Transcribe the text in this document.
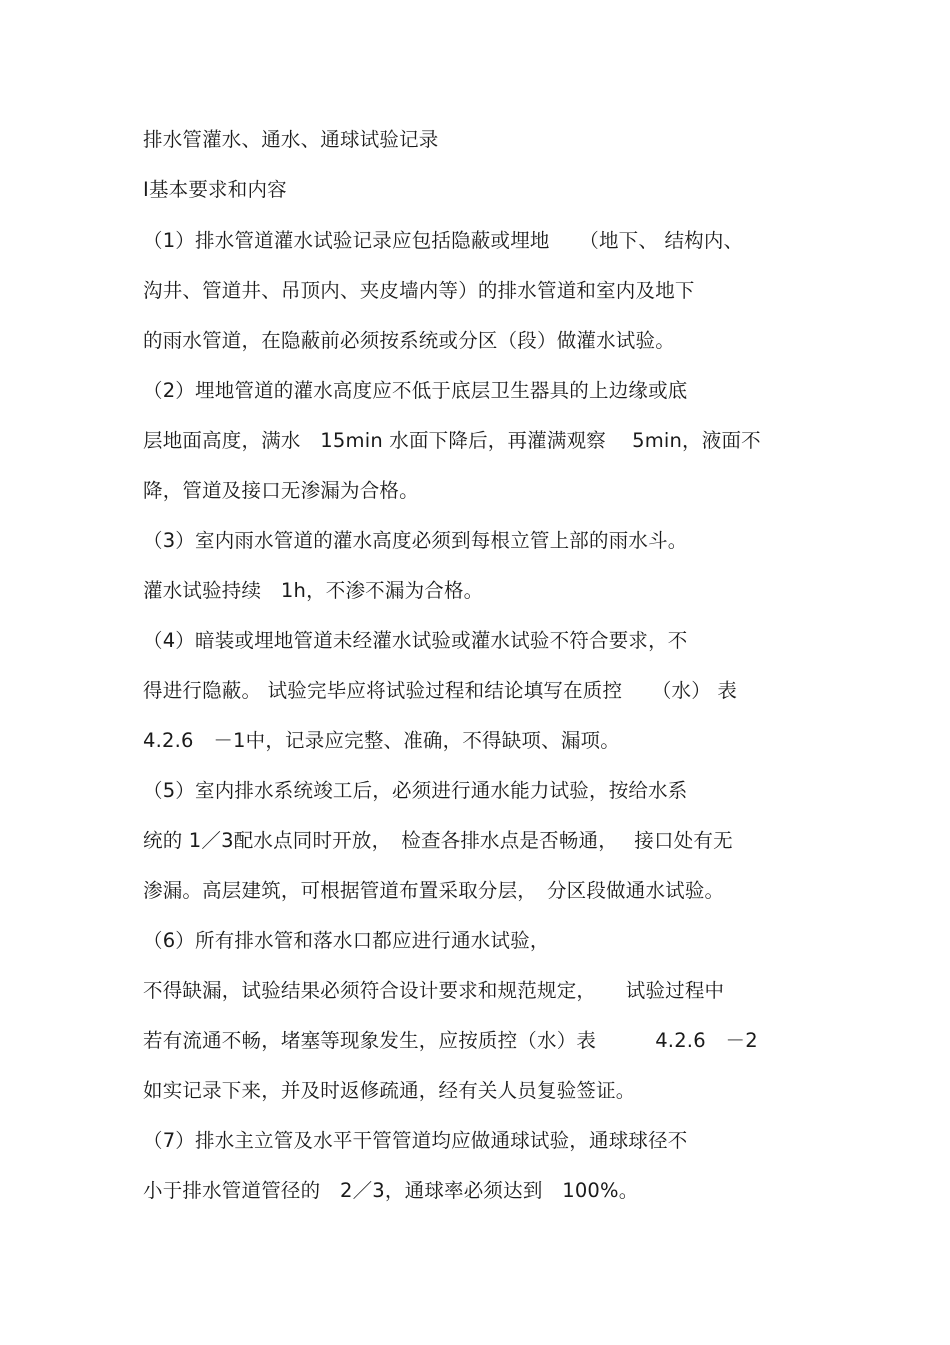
排水管灌水、通水、通球试验记录
Ⅰ基本要求和内容
（1）排水管道灌水试验记录应包括隐蔽或埋地　　（地下、 结构内、
沟井、管道井、吊顶内、夹皮墙内等）的排水管道和室内及地下
的雨水管道，在隐蔽前必须按系统或分区（段）做灌水试验。
（2）埋地管道的灌水高度应不低于底层卫生器具的上边缘或底
层地面高度，满水　15min 水面下降后，再灌满观察　 5min，液面不
降，管道及接口无渗漏为合格。
（3）室内雨水管道的灌水高度必须到每根立管上部的雨水斗。
灌水试验持续　1h，不渗不漏为合格。
（4）暗装或埋地管道未经灌水试验或灌水试验不符合要求，不
得进行隐蔽。 试验完毕应将试验过程和结论填写在质控　　（水） 表
4.2.6　－1中，记录应完整、准确，不得缺项、漏项。
（5）室内排水系统竣工后，必须进行通水能力试验，按给水系
统的 1／3配水点同时开放，　检查各排水点是否畅通，　 接口处有无
渗漏。高层建筑，可根据管道布置采取分层，　分区段做通水试验。
（6）所有排水管和落水口都应进行通水试验，
不得缺漏，试验结果必须符合设计要求和规范规定，　　试验过程中
若有流通不畅，堵塞等现象发生，应按质控（水）表　　　4.2.6　－2
如实记录下来，并及时返修疏通，经有关人员复验签证。
（7）排水主立管及水平干管管道均应做通球试验，通球球径不
小于排水管道管径的　2／3，通球率必须达到　100%。
